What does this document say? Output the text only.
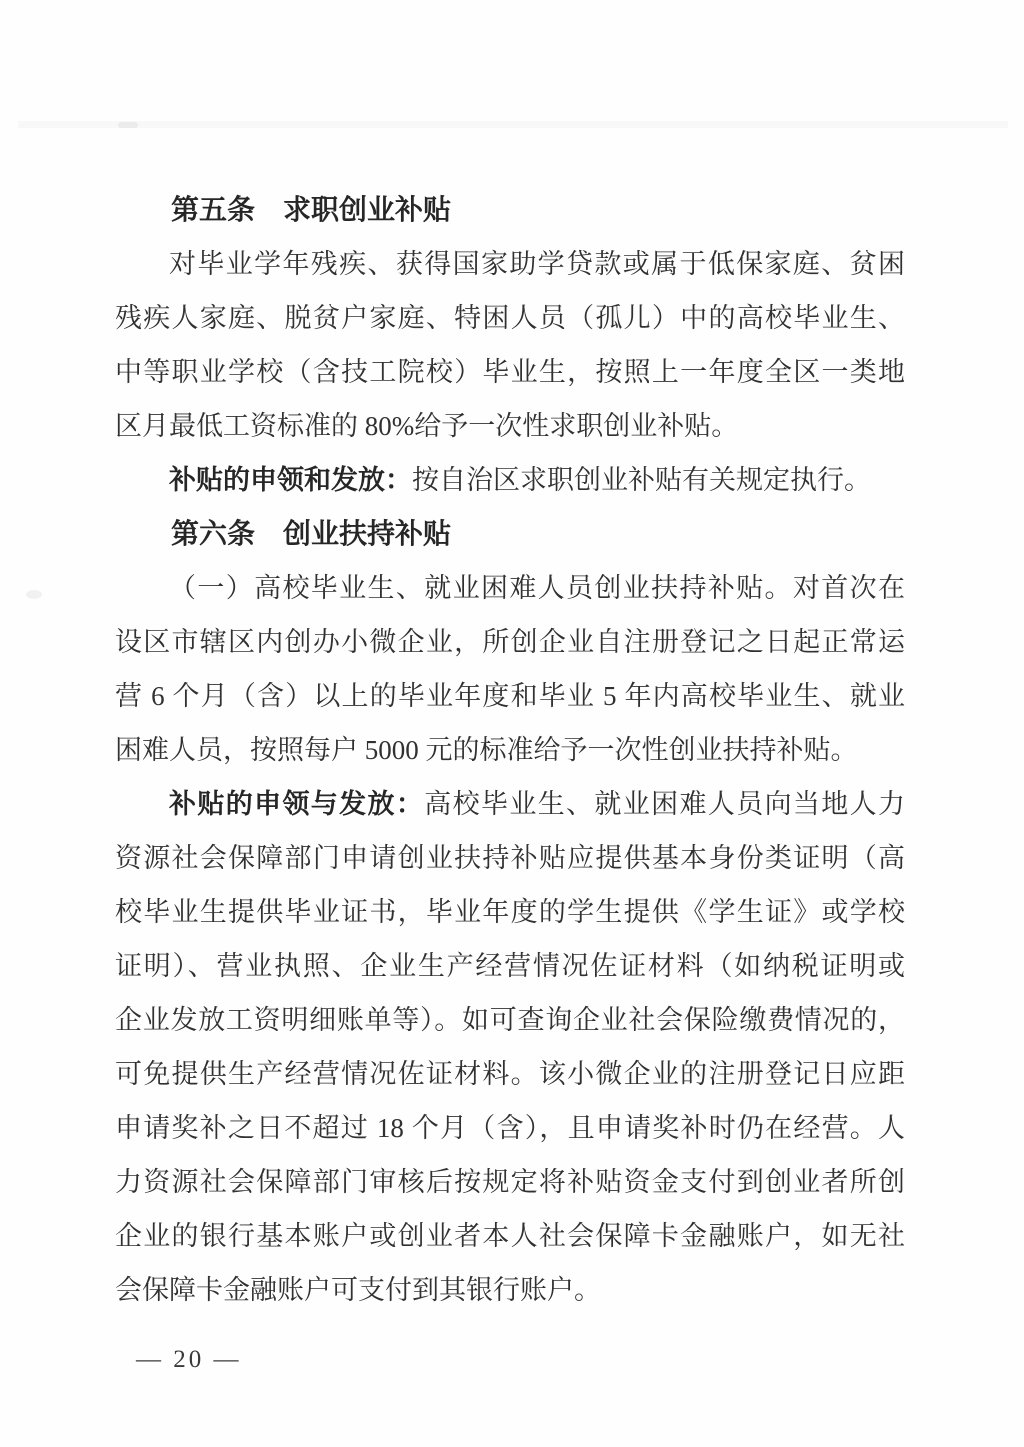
第五条　求职创业补贴
对毕业学年残疾、获得国家助学贷款或属于低保家庭、贫困
残疾人家庭、脱贫户家庭、特困人员（孤儿）中的高校毕业生、
中等职业学校（含技工院校）毕业生，按照上一年度全区一类地
区月最低工资标准的 80%给予一次性求职创业补贴。
补贴的申领和发放：按自治区求职创业补贴有关规定执行。
第六条　创业扶持补贴
（一）高校毕业生、就业困难人员创业扶持补贴。对首次在
设区市辖区内创办小微企业，所创企业自注册登记之日起正常运
营 6 个月（含）以上的毕业年度和毕业 5 年内高校毕业生、就业
困难人员，按照每户 5000 元的标准给予一次性创业扶持补贴。
补贴的申领与发放：高校毕业生、就业困难人员向当地人力
资源社会保障部门申请创业扶持补贴应提供基本身份类证明（高
校毕业生提供毕业证书，毕业年度的学生提供《学生证》或学校
证明）、营业执照、企业生产经营情况佐证材料（如纳税证明或
企业发放工资明细账单等）。如可查询企业社会保险缴费情况的，
可免提供生产经营情况佐证材料。该小微企业的注册登记日应距
申请奖补之日不超过 18 个月（含），且申请奖补时仍在经营。人
力资源社会保障部门审核后按规定将补贴资金支付到创业者所创
企业的银行基本账户或创业者本人社会保障卡金融账户，如无社
会保障卡金融账户可支付到其银行账户。
— 20 —
